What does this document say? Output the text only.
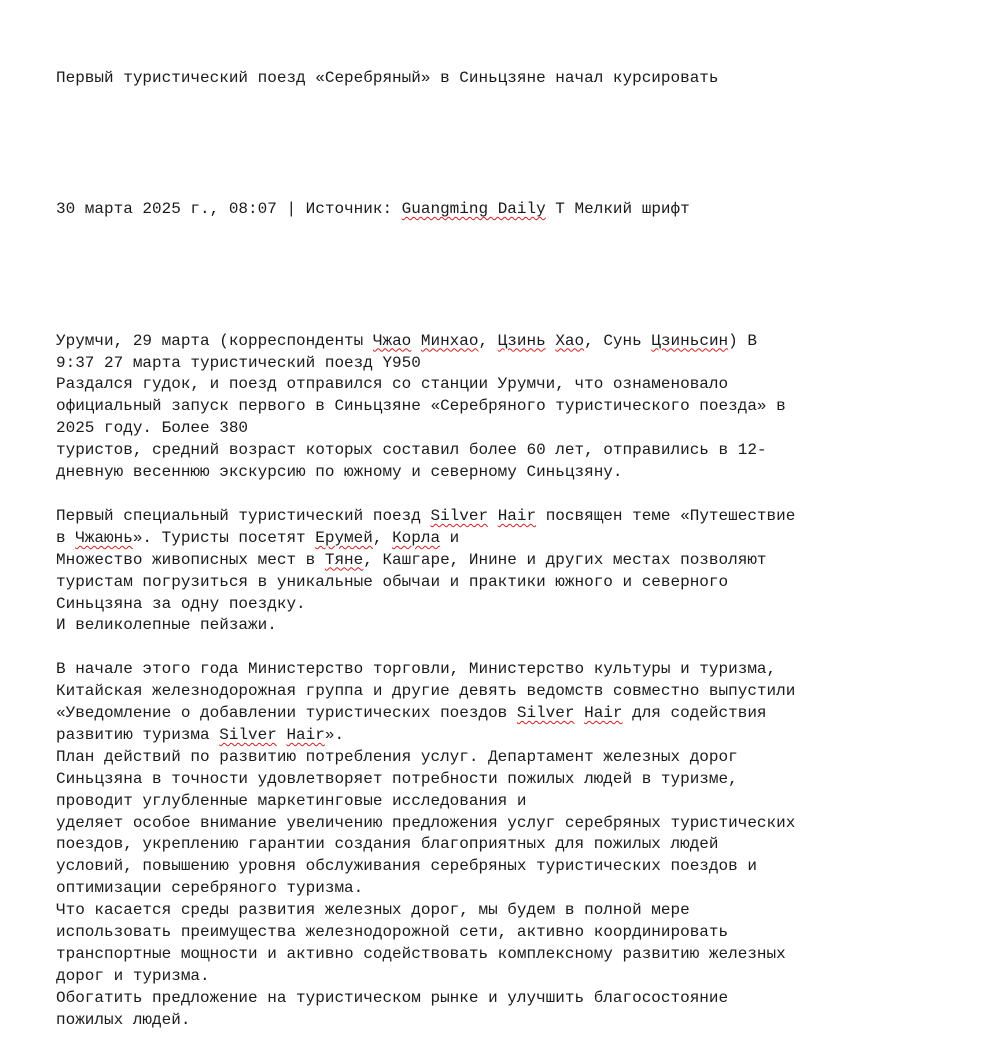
Первый туристический поезд «Серебряный» в Синьцзяне начал курсировать

30 марта 2025 г., 08:07 | Источник: Guangming Daily Т Мелкий шрифт

Урумчи, 29 марта (корреспонденты Чжао Минхао, Цзинь Хао, Сунь Цзиньсин) В
9:37 27 марта туристический поезд Y950
Раздался гудок, и поезд отправился со станции Урумчи, что ознаменовало
официальный запуск первого в Синьцзяне «Серебряного туристического поезда» в
2025 году. Более 380
туристов, средний возраст которых составил более 60 лет, отправились в 12-
дневную весеннюю экскурсию по южному и северному Синьцзяну.
Первый специальный туристический поезд Silver Hair посвящен теме «Путешествие
в Чжаюнь». Туристы посетят Ерумей, Корла и
Множество живописных мест в Тяне, Кашгаре, Инине и других местах позволяют
туристам погрузиться в уникальные обычаи и практики южного и северного
Синьцзяна за одну поездку.
И великолепные пейзажи.
В начале этого года Министерство торговли, Министерство культуры и туризма,
Китайская железнодорожная группа и другие девять ведомств совместно выпустили
«Уведомление о добавлении туристических поездов Silver Hair для содействия
развитию туризма Silver Hair».
План действий по развитию потребления услуг. Департамент железных дорог
Синьцзяна в точности удовлетворяет потребности пожилых людей в туризме,
проводит углубленные маркетинговые исследования и
уделяет особое внимание увеличению предложения услуг серебряных туристических
поездов, укреплению гарантии создания благоприятных для пожилых людей
условий, повышению уровня обслуживания серебряных туристических поездов и
оптимизации серебряного туризма.
Что касается среды развития железных дорог, мы будем в полной мере
использовать преимущества железнодорожной сети, активно координировать
транспортные мощности и активно содействовать комплексному развитию железных
дорог и туризма.
Обогатить предложение на туристическом рынке и улучшить благосостояние
пожилых людей.
